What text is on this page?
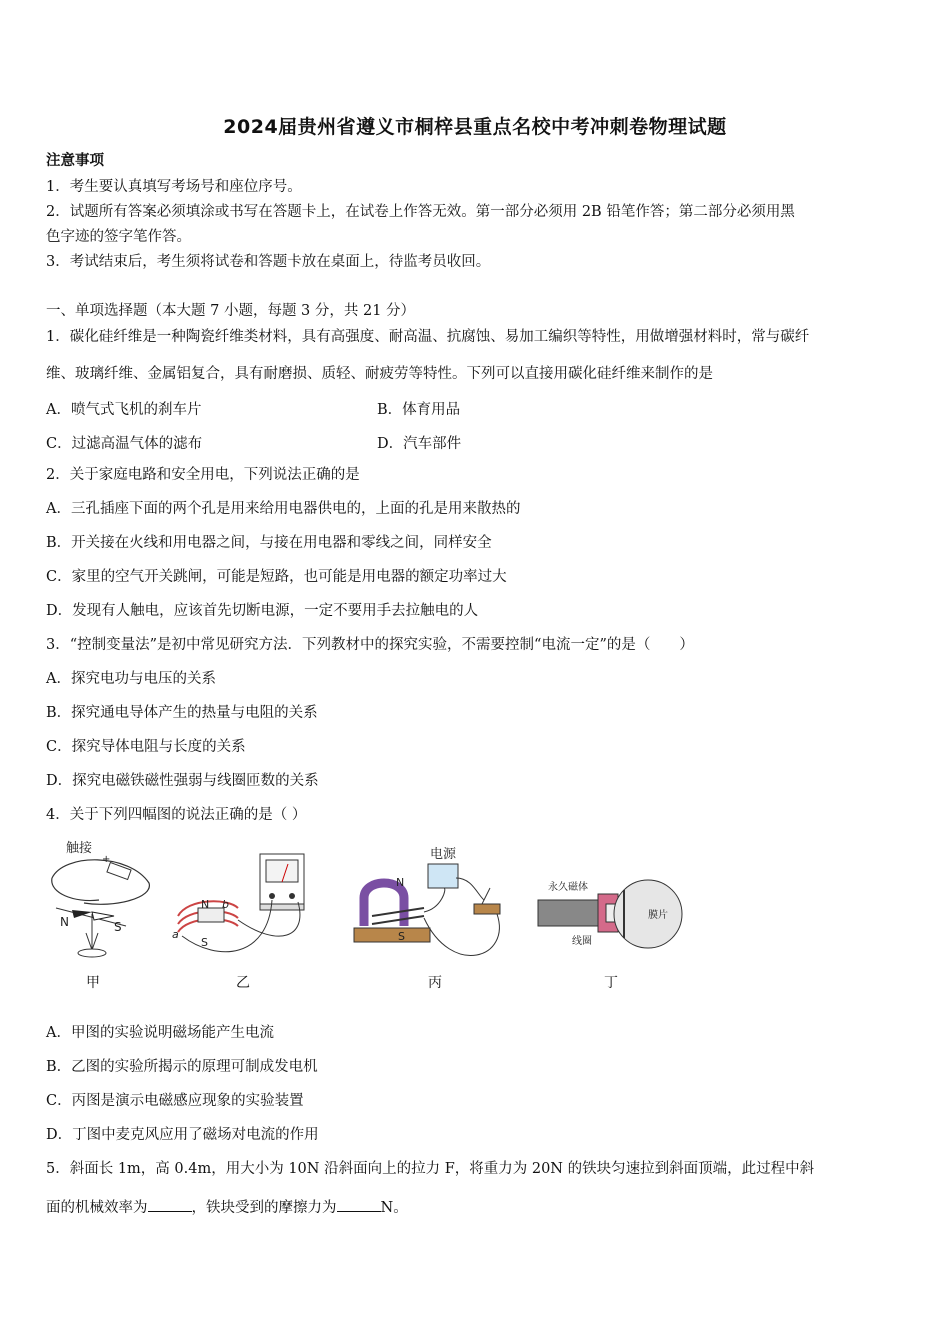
2024届贵州省遵义市桐梓县重点名校中考冲刺卷物理试题
注意事项
1．考生要认真填写考场号和座位序号。
2．试题所有答案必须填涂或书写在答题卡上，在试卷上作答无效。第一部分必须用 2B 铅笔作答；第二部分必须用黑
色字迹的签字笔作答。
3．考试结束后，考生须将试卷和答题卡放在桌面上，待监考员收回。
一、单项选择题（本大题 7 小题，每题 3 分，共 21 分）
1．碳化硅纤维是一种陶瓷纤维类材料，具有高强度、耐高温、抗腐蚀、易加工编织等特性，用做增强材料时，常与碳纤
维、玻璃纤维、金属铝复合，具有耐磨损、质轻、耐疲劳等特性。下列可以直接用碳化硅纤维来制作的是
A．喷气式飞机的刹车片	B．体育用品
C．过滤高温气体的滤布	D．汽车部件
2．关于家庭电路和安全用电，下列说法正确的是
A．三孔插座下面的两个孔是用来给用电器供电的，上面的孔是用来散热的
B．开关接在火线和用电器之间，与接在用电器和零线之间，同样安全
C．家里的空气开关跳闸，可能是短路，也可能是用电器的额定功率过大
D．发现有人触电，应该首先切断电源，一定不要用手去拉触电的人
3．“控制变量法”是初中常见研究方法．下列教材中的探究实验，不需要控制“电流一定”的是（　　）
A．探究电功与电压的关系
B．探究通电导体产生的热量与电阻的关系
C．探究导体电阻与长度的关系
D．探究电磁铁磁性强弱与线圈匝数的关系
4．关于下列四幅图的说法正确的是（ ）
触接
+
N	S
甲
N
S
a
b
乙
电源
N
S
丙
永久磁体
线圈
膜片
丁
A．甲图的实验说明磁场能产生电流
B．乙图的实验所揭示的原理可制成发电机
C．丙图是演示电磁感应现象的实验装置
D．丁图中麦克风应用了磁场对电流的作用
5．斜面长 1m，高 0.4m，用大小为 10N 沿斜面向上的拉力 F，将重力为 20N 的铁块匀速拉到斜面顶端，此过程中斜
面的机械效率为	，铁块受到的摩擦力为	N。
